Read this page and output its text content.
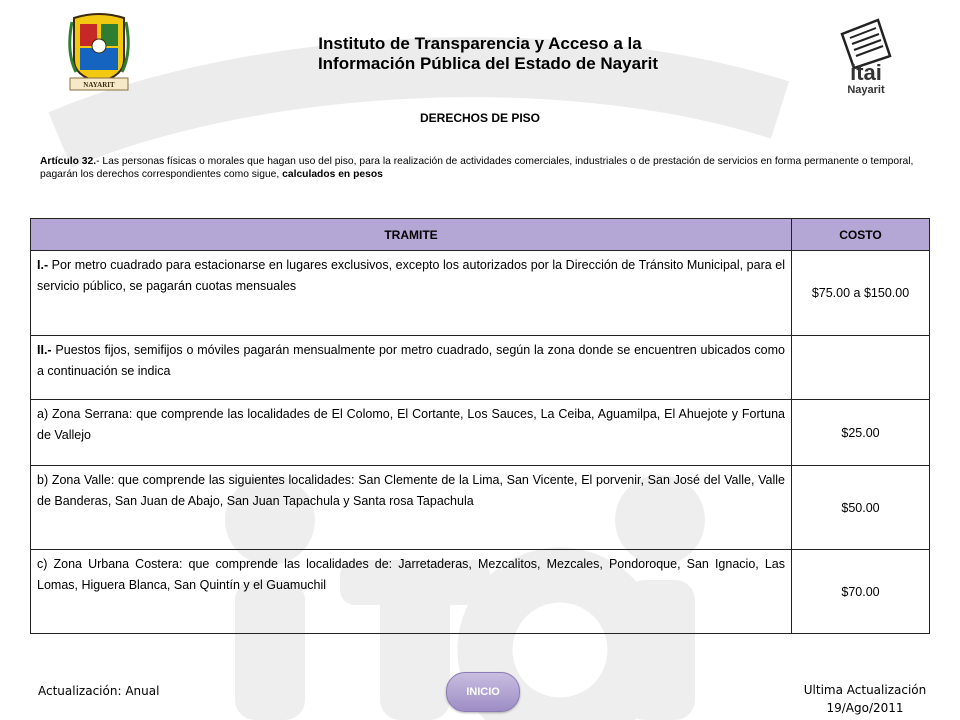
NAYARIT	itai
Nayarit
Instituto de Transparencia y Acceso a la
Información Pública del Estado de Nayarit
DERECHOS DE PISO
Artículo 32.- Las personas físicas o morales que hagan uso del piso, para la realización de actividades comerciales, industriales o de prestación de servicios en forma permanente o temporal, pagarán los derechos correspondientes como sigue, calculados en pesos
TRAMITE	COSTO
I.- Por metro cuadrado para estacionarse en lugares exclusivos, excepto los autorizados por la Dirección de Tránsito Municipal, para el servicio público, se pagarán cuotas mensuales	$75.00 a $150.00
II.- Puestos fijos, semifijos o móviles pagarán mensualmente por metro cuadrado, según la zona donde se encuentren ubicados como a continuación se indica	
a) Zona Serrana: que comprende las localidades de El Colomo, El Cortante, Los Sauces, La Ceiba, Aguamilpa, El Ahuejote y Fortuna de Vallejo	$25.00
b) Zona Valle: que comprende las siguientes localidades: San Clemente de la Lima, San Vicente, El porvenir, San José del Valle, Valle de Banderas, San Juan de Abajo, San Juan Tapachula y Santa rosa Tapachula	$50.00
c) Zona Urbana Costera: que comprende las localidades de: Jarretaderas, Mezcalitos, Mezcales, Pondoroque, San Ignacio, Las Lomas, Higuera Blanca, San Quintín y el Guamuchil	$70.00
Actualización: Anual	INICIO	Ultima Actualización
19/Ago/2011
